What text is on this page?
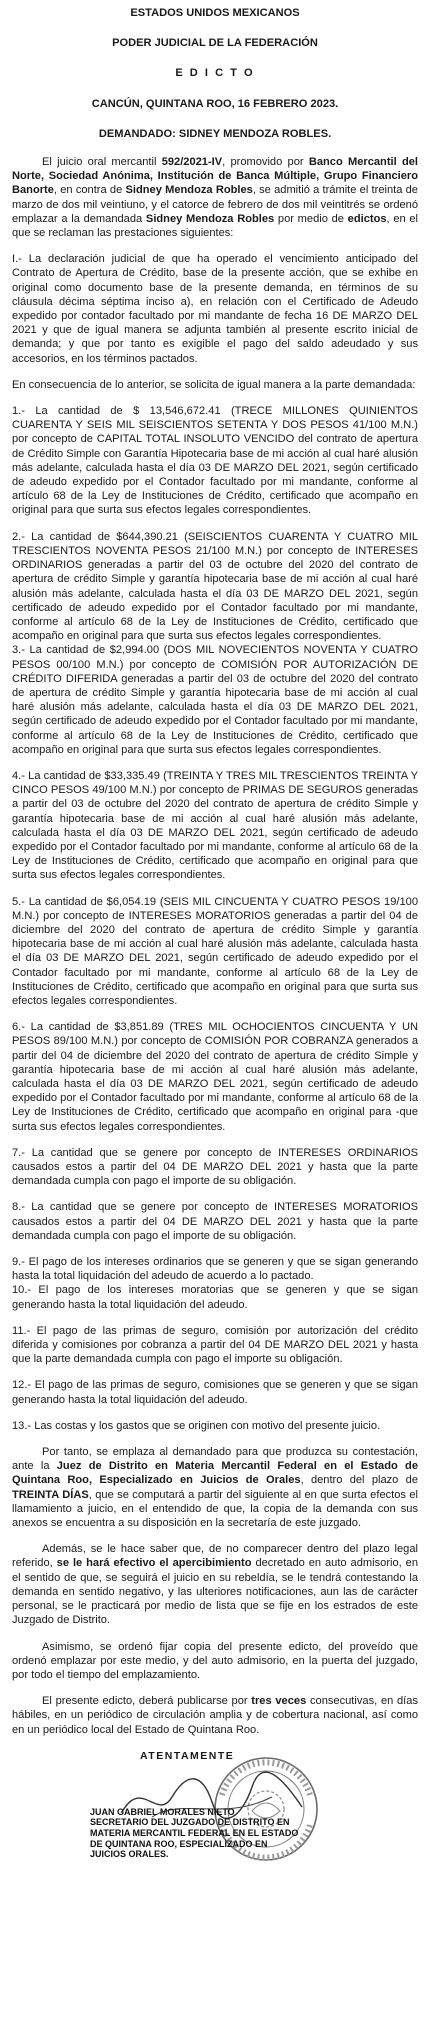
ESTADOS UNIDOS MEXICANOS

PODER JUDICIAL DE LA FEDERACIÓN

E D I C T O

CANCÚN, QUINTANA ROO, 16 FEBRERO 2023.

DEMANDADO: SIDNEY MENDOZA ROBLES.

El juicio oral mercantil 592/2021-IV, promovido por Banco Mercantil del Norte, Sociedad Anónima, Institución de Banca Múltiple, Grupo Financiero Banorte, en contra de Sidney Mendoza Robles, se admitió a trámite el treinta de marzo de dos mil veintiuno, y el catorce de febrero de dos mil veintitrés se ordenó emplazar a la demandada Sidney Mendoza Robles por medio de edictos, en el que se reclaman las prestaciones siguientes:

I.- La declaración judicial de que ha operado el vencimiento anticipado del Contrato de Apertura de Crédito, base de la presente acción, que se exhibe en original como documento base de la presente demanda, en términos de su cláusula décima séptima inciso a), en relación con el Certificado de Adeudo expedido por contador facultado por mi mandante de fecha 16 DE MARZO DEL 2021 y que de igual manera se adjunta también al presente escrito inicial de demanda; y que por tanto es exigible el pago del saldo adeudado y sus accesorios, en los términos pactados.

En consecuencia de lo anterior, se solicita de igual manera a la parte demandada:

1.- La cantidad de $ 13,546,672.41 (TRECE MILLONES QUINIENTOS CUARENTA Y SEIS MIL SEISCIENTOS SETENTA Y DOS PESOS 41/100 M.N.) por concepto de CAPITAL TOTAL INSOLUTO VENCIDO del contrato de apertura de Crédito Simple con Garantía Hipotecaria base de mi acción al cual haré alusión más adelante, calculada hasta el día 03 DE MARZO DEL 2021, según certificado de adeudo expedido por el Contador facultado por mi mandante, conforme al artículo 68 de la Ley de Instituciones de Crédito, certificado que acompaño en original para que surta sus efectos legales correspondientes.

2.- La cantidad de $644,390.21 (SEISCIENTOS CUARENTA Y CUATRO MIL TRESCIENTOS NOVENTA PESOS 21/100 M.N.) por concepto de INTERESES ORDINARIOS generadas a partir del 03 de octubre del 2020 del contrato de apertura de crédito Simple y garantía hipotecaria base de mi acción al cual haré alusión más adelante, calculada hasta el día 03 DE MARZO DEL 2021, según certificado de adeudo expedido por el Contador facultado por mi mandante, conforme al artículo 68 de la Ley de Instituciones de Crédito, certificado que acompaño en original para que surta sus efectos legales correspondientes.

3.- La cantidad de $2,994.00 (DOS MIL NOVECIENTOS NOVENTA Y CUATRO PESOS 00/100 M.N.) por concepto de COMISIÓN POR AUTORIZACIÓN DE CRÉDITO DIFERIDA generadas a partir del 03 de octubre del 2020 del contrato de apertura de crédito Simple y garantía hipotecaria base de mi acción al cual haré alusión más adelante, calculada hasta el día 03 DE MARZO DEL 2021, según certificado de adeudo expedido por el Contador facultado por mi mandante, conforme al artículo 68 de la Ley de Instituciones de Crédito, certificado que acompaño en original para que surta sus efectos legales correspondientes.

4.- La cantidad de $33,335.49 (TREINTA Y TRES MIL TRESCIENTOS TREINTA Y CINCO PESOS 49/100 M.N.) por concepto de PRIMAS DE SEGUROS generadas a partir del 03 de octubre del 2020 del contrato de apertura de crédito Simple y garantía hipotecaria base de mi acción al cual haré alusión más adelante, calculada hasta el día 03 DE MARZO DEL 2021, según certificado de adeudo expedido por el Contador facultado por mi mandante, conforme al artículo 68 de la Ley de Instituciones de Crédito, certificado que acompaño en original para que surta sus efectos legales correspondientes.

5.- La cantidad de $6,054.19 (SEIS MIL CINCUENTA Y CUATRO PESOS 19/100 M.N.) por concepto de INTERESES MORATORIOS generadas a partir del 04 de diciembre del 2020 del contrato de apertura de crédito Simple y garantía hipotecaria base de mi acción al cual haré alusión más adelante, calculada hasta el día 03 DE MARZO DEL 2021, según certificado de adeudo expedido por el Contador facultado por mi mandante, conforme al artículo 68 de la Ley de Instituciones de Crédito, certificado que acompaño en original para que surta sus efectos legales correspondientes.

6.- La cantidad de $3,851.89 (TRES MIL OCHOCIENTOS CINCUENTA Y UN PESOS 89/100 M.N.) por concepto de COMISIÓN POR COBRANZA generados a partir del 04 de diciembre del 2020 del contrato de apertura de crédito Simple y garantía hipotecaria base de mi acción al cual haré alusión más adelante, calculada hasta el día 03 DE MARZO DEL 2021, según certificado de adeudo expedido por el Contador facultado por mi mandante, conforme al artículo 68 de la Ley de Instituciones de Crédito, certificado que acompaño en original para -que surta sus efectos legales correspondientes.

7.- La cantidad que se genere por concepto de INTERESES ORDINARIOS causados estos a partir del 04 DE MARZO DEL 2021 y hasta que la parte demandada cumpla con pago el importe de su obligación.

8.- La cantidad que se genere por concepto de INTERESES MORATORIOS causados estos a partir del 04 DE MARZO DEL 2021 y hasta que la parte demandada cumpla con pago el importe de su obligación.

9.- El pago de los intereses ordinarios que se generen y que se sigan generando hasta la total liquidación del adeudo de acuerdo a lo pactado.

10.- El pago de los intereses moratorias que se generen y que se sigan generando hasta la total liquidación del adeudo.

11.- El pago de las primas de seguro, comisión por autorización del crédito diferida y comisiones por cobranza a partir del 04 DE MARZO DEL 2021 y hasta que la parte demandada cumpla con pago el importe su obligación.

12.- El pago de las primas de seguro, comisiones que se generen y que se sigan generando hasta la total liquidación del adeudo.

13.- Las costas y los gastos que se originen con motivo del presente juicio.

Por tanto, se emplaza al demandado para que produzca su contestación, ante la Juez de Distrito en Materia Mercantil Federal en el Estado de Quintana Roo, Especializado en Juicios de Orales, dentro del plazo de TREINTA DÍAS, que se computará a partir del siguiente al en que surta efectos el llamamiento a juicio, en el entendido de que, la copia de la demanda con sus anexos se encuentra a su disposición en la secretaría de este juzgado.

Además, se le hace saber que, de no comparecer dentro del plazo legal referido, se le hará efectivo el apercibimiento decretado en auto admisorio, en el sentido de que, se seguirá el juicio en su rebeldía, se le tendrá contestando la demanda en sentido negativo, y las ulteriores notificaciones, aun las de carácter personal, se le practicará por medio de lista que se fije en los estrados de este Juzgado de Distrito.

Asimismo, se ordenó fijar copia del presente edicto, del proveído que ordenó emplazar por este medio, y del auto admisorio, en la puerta del juzgado, por todo el tiempo del emplazamiento.

El presente edicto, deberá publicarse por tres veces consecutivas, en días hábiles, en un periódico de circulación amplia y de cobertura nacional, así como en un periódico local del Estado de Quintana Roo.

ATENTAMENTE
JUAN GABRIEL MORALES NIETO
SECRETARIO DEL JUZGADO DE DISTRITO EN
MATERIA MERCANTIL FEDERAL EN EL ESTADO
DE QUINTANA ROO, ESPECIALIZADO EN
JUICIOS ORALES.
